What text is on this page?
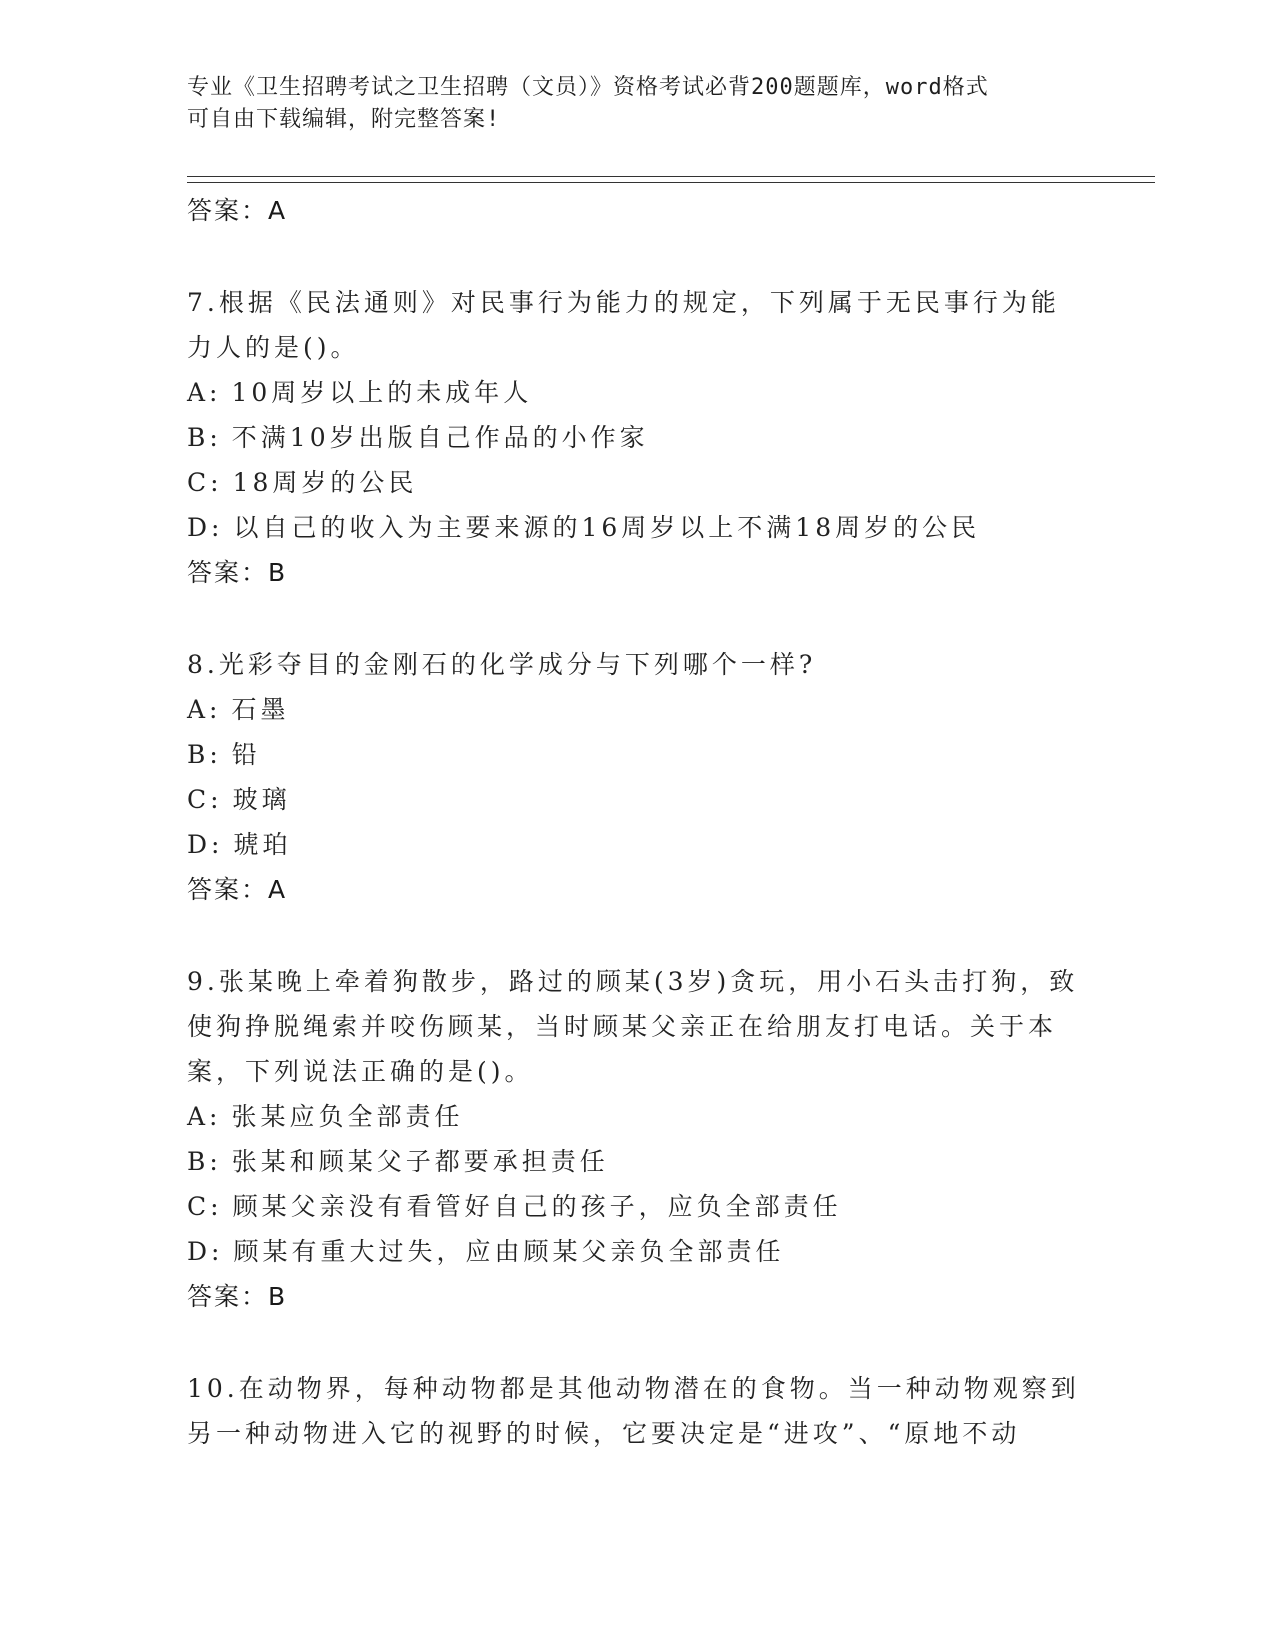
专业《卫生招聘考试之卫生招聘（文员）》资格考试必背200题题库，word格式
可自由下载编辑，附完整答案!
答案：A

7.根据《民法通则》对民事行为能力的规定，下列属于无民事行为能
力人的是()。

A: 10周岁以上的未成年人
B: 不满10岁出版自己作品的小作家
C: 18周岁的公民
D: 以自己的收入为主要来源的16周岁以上不满18周岁的公民
答案：B

8.光彩夺目的金刚石的化学成分与下列哪个一样?

A: 石墨
B: 铅
C: 玻璃
D: 琥珀
答案：A

9.张某晚上牵着狗散步，路过的顾某(3岁)贪玩，用小石头击打狗，致
使狗挣脱绳索并咬伤顾某，当时顾某父亲正在给朋友打电话。关于本
案，下列说法正确的是()。

A: 张某应负全部责任
B: 张某和顾某父子都要承担责任
C: 顾某父亲没有看管好自己的孩子，应负全部责任
D: 顾某有重大过失，应由顾某父亲负全部责任
答案：B

10.在动物界，每种动物都是其他动物潜在的食物。当一种动物观察到
另一种动物进入它的视野的时候，它要决定是“进攻”、“原地不动
